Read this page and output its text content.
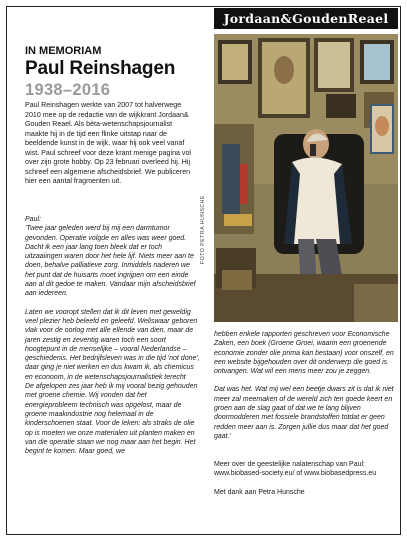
Jordaan&GoudenReael
IN MEMORIAM
Paul Reinshagen
1938–2016
Paul Reinshagen werkte van 2007 tot halverwege 2010 mee op de redactie van de wijkkrant Jordaan& Gouden Reael. Als bèta-wetenschapsjournalist maakte hij in de tijd een flinke uitstap naar de beeldende kunst in de wijk, waar hij ook veel vanaf wist. Paul schreef voor deze krant menige pagina vol over zijn grote hobby. Op 23 februari overleed hij. Hij schreef een algemene afscheidsbrief. We publiceren hier een aantal fragmenten uit.
FOTO PETRA HUNSCHE

Paul:

'Twee jaar geleden werd bij mij een darmtumor gevonden. Operatie volgde en alles was weer goed. Dacht ik een jaar lang toen bleek dat er toch uitzaaiingen waren door het hele lijf. Niets meer aan te doen, behalve palliatieve zorg. Inmiddels naderen we het punt dat de huisarts moet ingrijpen om een einde aan al dit gedoe te maken. Vandaar mijn afscheidsbrief aan iedereen.

Laten we vooropt stellen dat ik dit leven met geweldig veel plezier heb beleefd en geleefd. Weliswaar geboren vlak voor de oorlog met alle ellende van dien, maar de jaren zestig en zeventig waren toch een soort hoogtepunt in de menselijke – vooral Nederlandse – geschiedenis. Het bedrijfsleven was in die tijd 'not done', daar ging je niet werken en dus kwam ik, als chemicus en econoom, in de wetenschapsjournalistiek terecht

De afgelopen zes jaar heb ik mij vooral bezig gehouden met groene chemie. Wij vonden dat het energieprobleem technisch was opgelost, maar de groene maakindustrie nog helemaal in de kinderschoenen staat. Voor de leken: als straks de olie op is moeten we onze materialen uit planten maken en van die operatie staan we nog maar aan het begin. Het begint te komen. Maar goed, we

hebben enkele rapporten geschreven voor Economische Zaken, een boek (Groene Groei, waarin een groenende economie zonder olie prima kan bestaan) voor onszelf, en een website bijgehouden over dit onderwerp die goed is ontvangen. Wat wil een mens meer zou je zeggen.

Dat was het. Wat mij wel een beetje dwars zit is dat ik niet meer zal meemaken of de wereld zich ten goede keert en groen aan de slag gaat of dat we te lang blijven doormodderen met fossiele brandstoffen totdat er geen redden meer aan is. Zorgen jullie dus maar dat het goed gaat.'

Meer over de geestelijke nalatenschap van Paul: www.biobased-society.eu/ of www.biobasedpress.eu

Met dank aan Petra Hunsche
